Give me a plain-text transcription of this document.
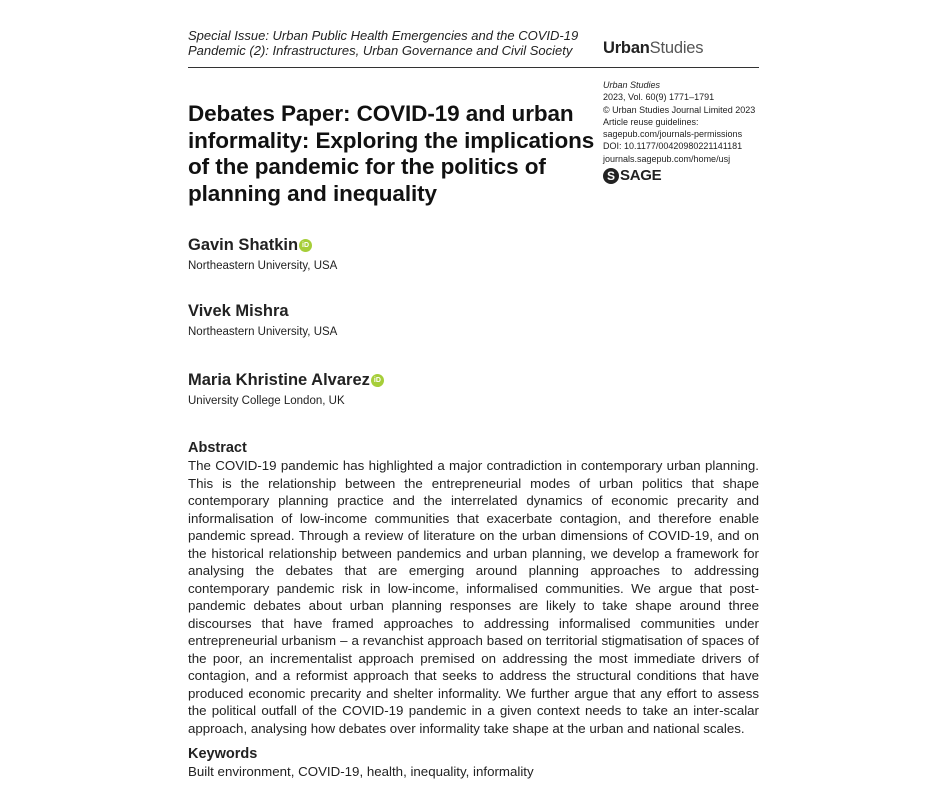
Special Issue: Urban Public Health Emergencies and the COVID-19 Pandemic (2): Infrastructures, Urban Governance and Civil Society	UrbanStudies
Urban Studies
2023, Vol. 60(9) 1771–1791
© Urban Studies Journal Limited 2023
Article reuse guidelines:
sagepub.com/journals-permissions
DOI: 10.1177/00420980221141181
journals.sagepub.com/home/usj
S SAGE
Debates Paper: COVID-19 and urban informality: Exploring the implications of the pandemic for the politics of planning and inequality
Gavin Shatkin iD
Northeastern University, USA
Vivek Mishra
Northeastern University, USA
Maria Khristine Alvarez iD
University College London, UK
Abstract
The COVID-19 pandemic has highlighted a major contradiction in contemporary urban planning. This is the relationship between the entrepreneurial modes of urban politics that shape contemporary planning practice and the interrelated dynamics of economic precarity and informalisation of low-income communities that exacerbate contagion, and therefore enable pandemic spread. Through a review of literature on the urban dimensions of COVID-19, and on the historical relationship between pandemics and urban planning, we develop a framework for analysing the debates that are emerging around planning approaches to addressing contemporary pandemic risk in low-income, informalised communities. We argue that post-pandemic debates about urban planning responses are likely to take shape around three discourses that have framed approaches to addressing informalised communities under entrepreneurial urbanism – a revanchist approach based on territorial stigmatisation of spaces of the poor, an incrementalist approach premised on addressing the most immediate drivers of contagion, and a reformist approach that seeks to address the structural conditions that have produced economic precarity and shelter informality. We further argue that any effort to assess the political outfall of the COVID-19 pandemic in a given context needs to take an inter-scalar approach, analysing how debates over informality take shape at the urban and national scales.
Keywords
Built environment, COVID-19, health, inequality, informality
